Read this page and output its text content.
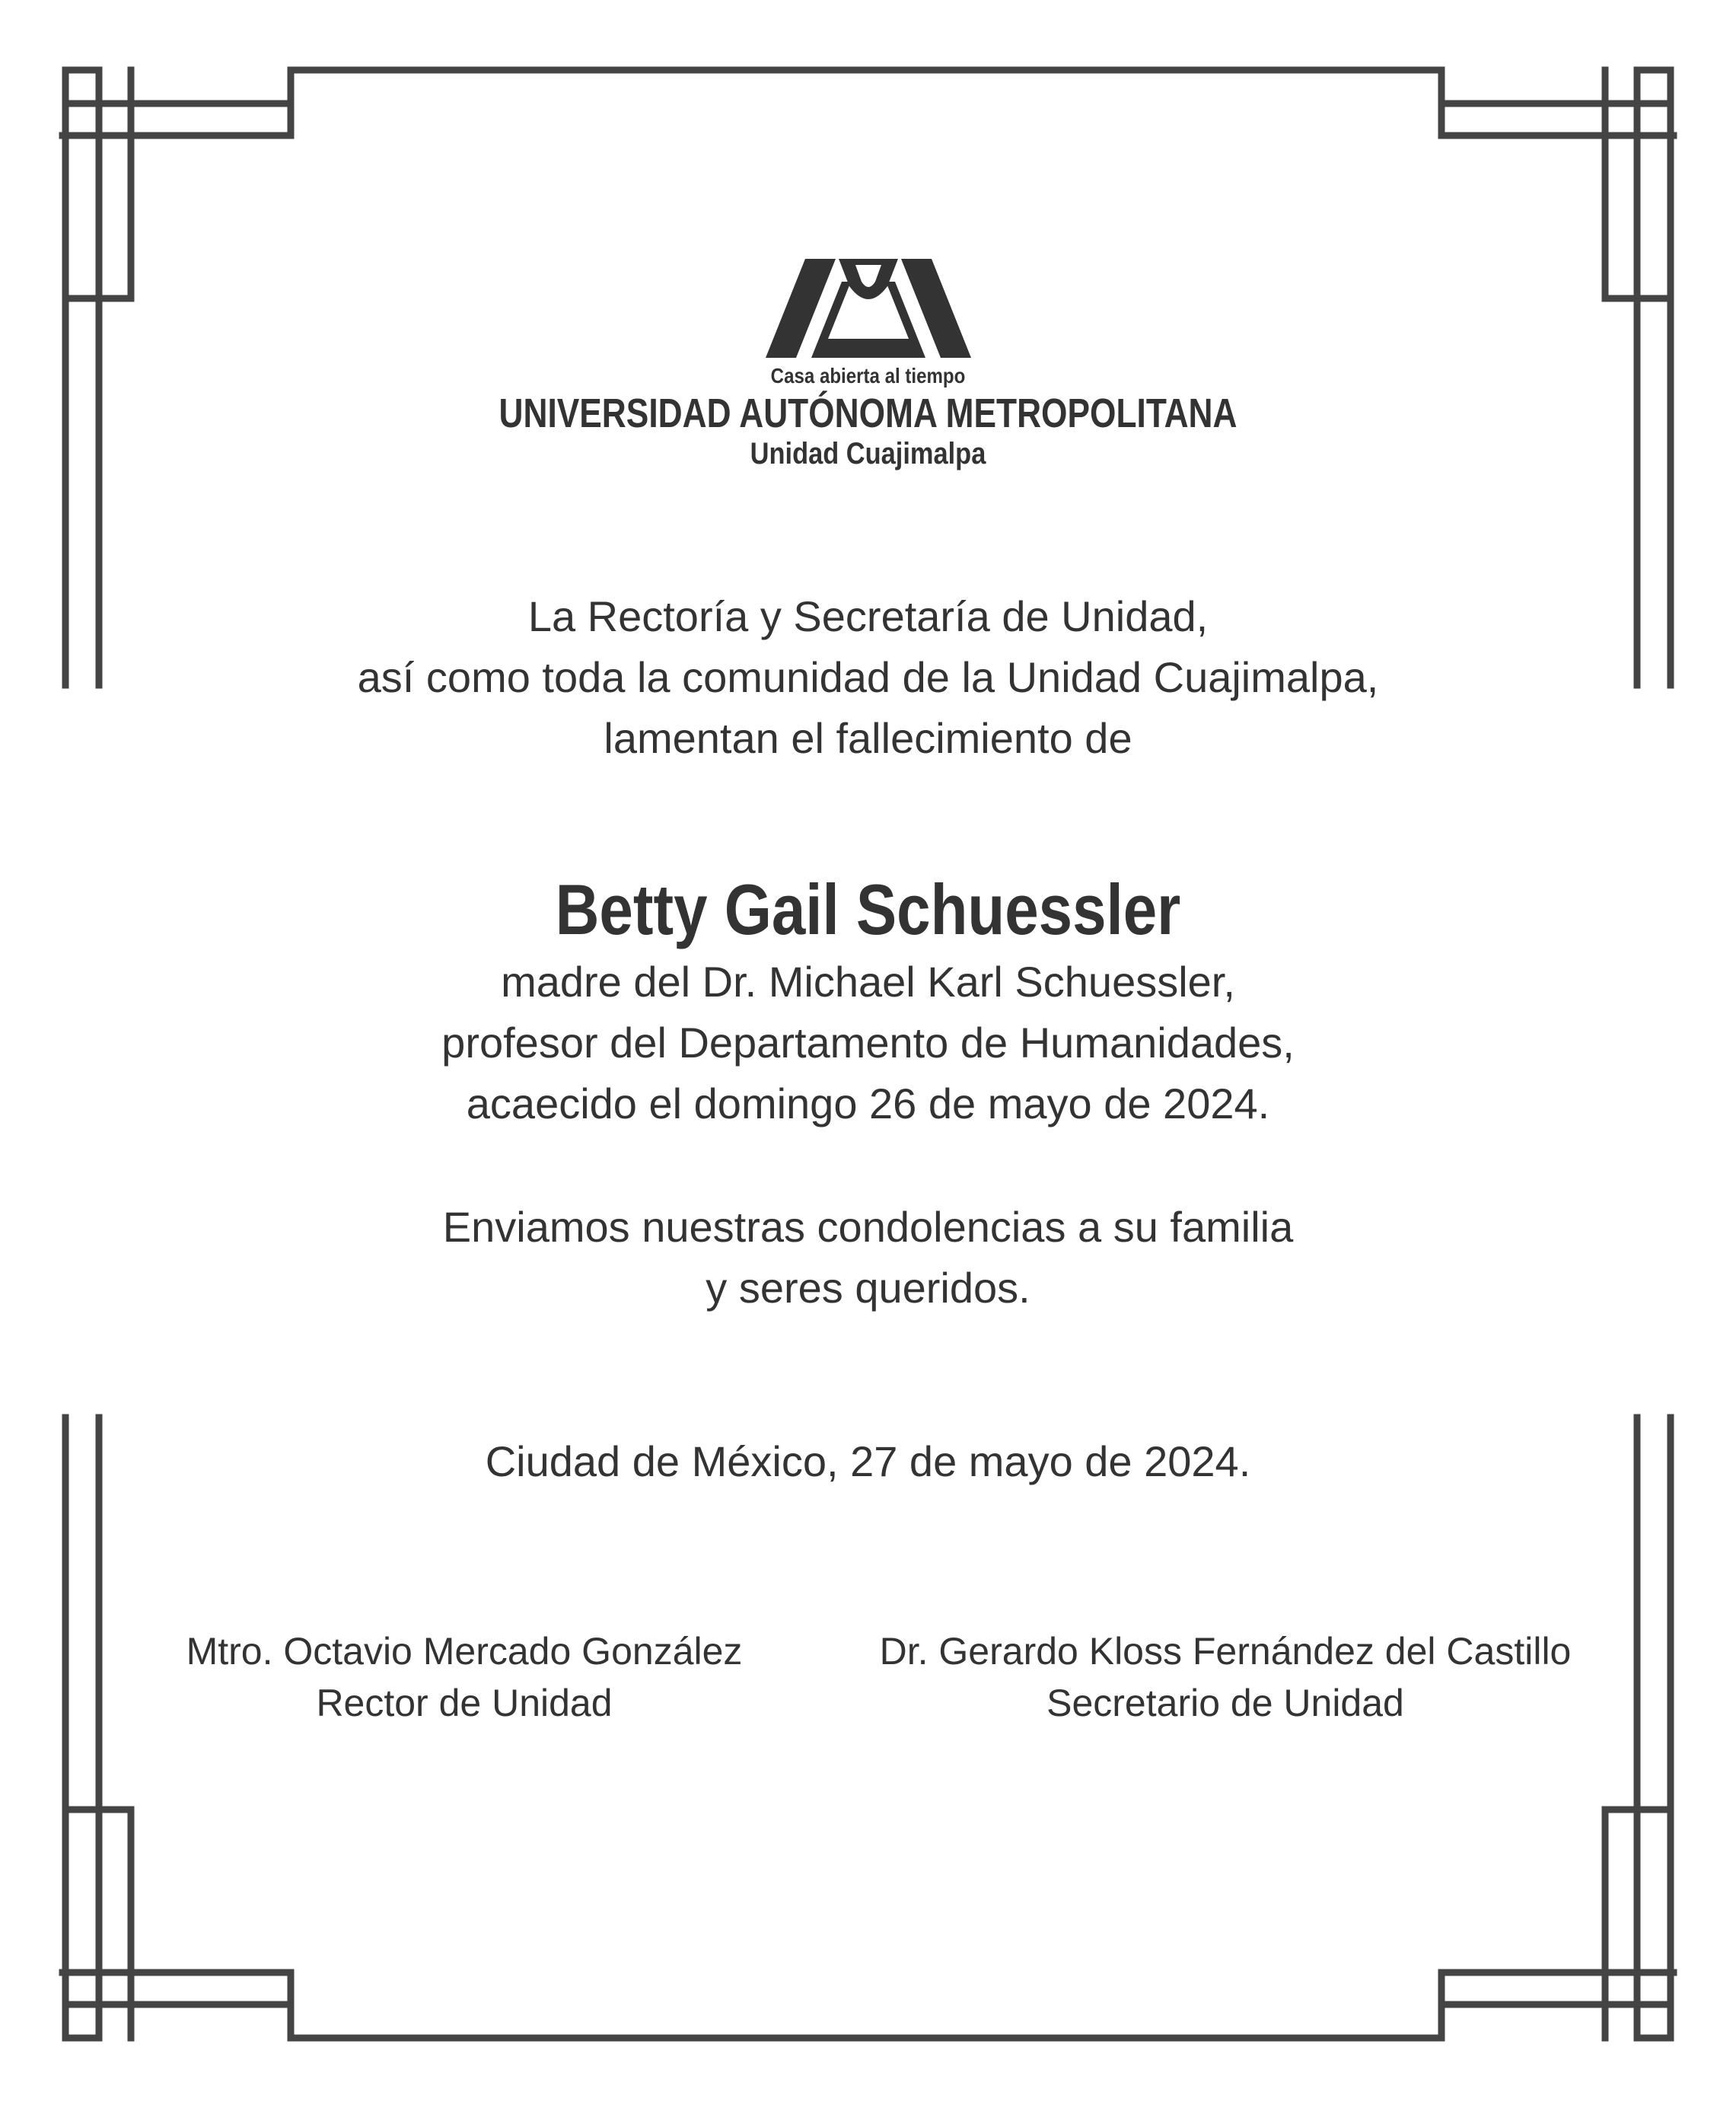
Casa abierta al tiempo
UNIVERSIDAD AUTÓNOMA METROPOLITANA
Unidad Cuajimalpa
La Rectoría y Secretaría de Unidad,
así como toda la comunidad de la Unidad Cuajimalpa,
lamentan el fallecimiento de
Betty Gail Schuessler
madre del Dr. Michael Karl Schuessler,
profesor del Departamento de Humanidades,
acaecido el domingo 26 de mayo de 2024.
Enviamos nuestras condolencias a su familia
y seres queridos.
Ciudad de México, 27 de mayo de 2024.
Mtro. Octavio Mercado González
Rector de Unidad
Dr. Gerardo Kloss Fernández del Castillo
Secretario de Unidad
